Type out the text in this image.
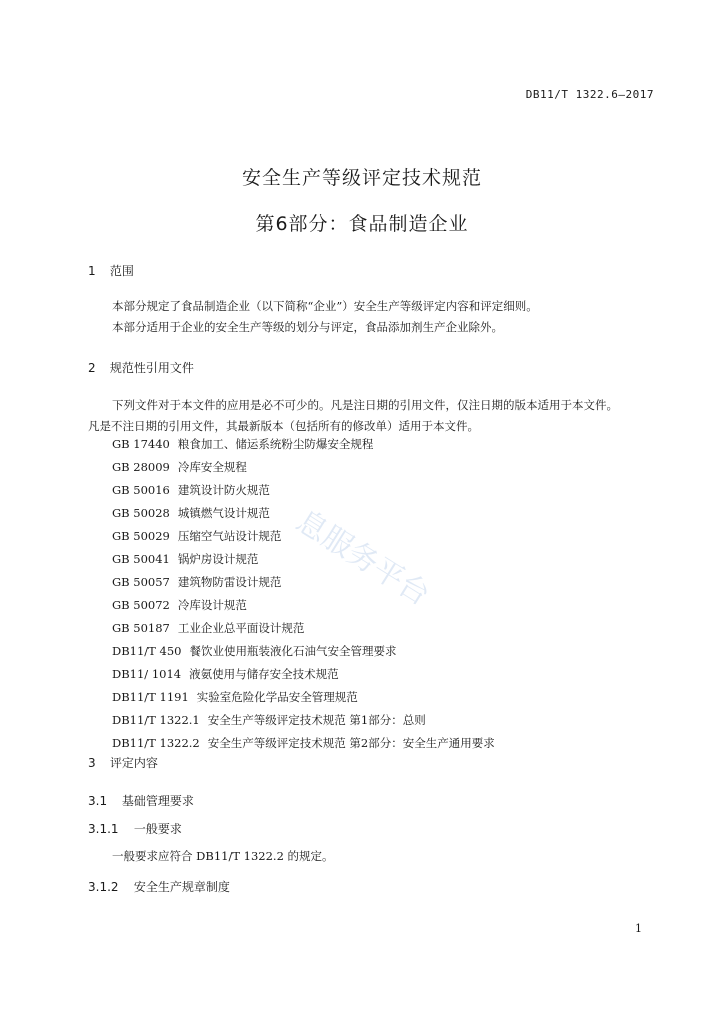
DB11/T 1322.6—2017
安全生产等级评定技术规范
第6部分：食品制造企业
1 范围
本部分规定了食品制造企业（以下简称“企业”）安全生产等级评定内容和评定细则。
本部分适用于企业的安全生产等级的划分与评定，食品添加剂生产企业除外。
2 规范性引用文件
下列文件对于本文件的应用是必不可少的。凡是注日期的引用文件，仅注日期的版本适用于本文件。
凡是不注日期的引用文件，其最新版本（包括所有的修改单）适用于本文件。
GB 17440 粮食加工、储运系统粉尘防爆安全规程
GB 28009 冷库安全规程
GB 50016 建筑设计防火规范
GB 50028 城镇燃气设计规范
GB 50029 压缩空气站设计规范
GB 50041 锅炉房设计规范
GB 50057 建筑物防雷设计规范
GB 50072 冷库设计规范
GB 50187 工业企业总平面设计规范
DB11/T 450 餐饮业使用瓶装液化石油气安全管理要求
DB11/ 1014 液氨使用与储存安全技术规范
DB11/T 1191 实验室危险化学品安全管理规范
DB11/T 1322.1 安全生产等级评定技术规范 第1部分：总则
DB11/T 1322.2 安全生产等级评定技术规范 第2部分：安全生产通用要求
3 评定内容
3.1 基础管理要求
3.1.1 一般要求
一般要求应符合 DB11/T 1322.2 的规定。
3.1.2 安全生产规章制度
1
息服务平台
